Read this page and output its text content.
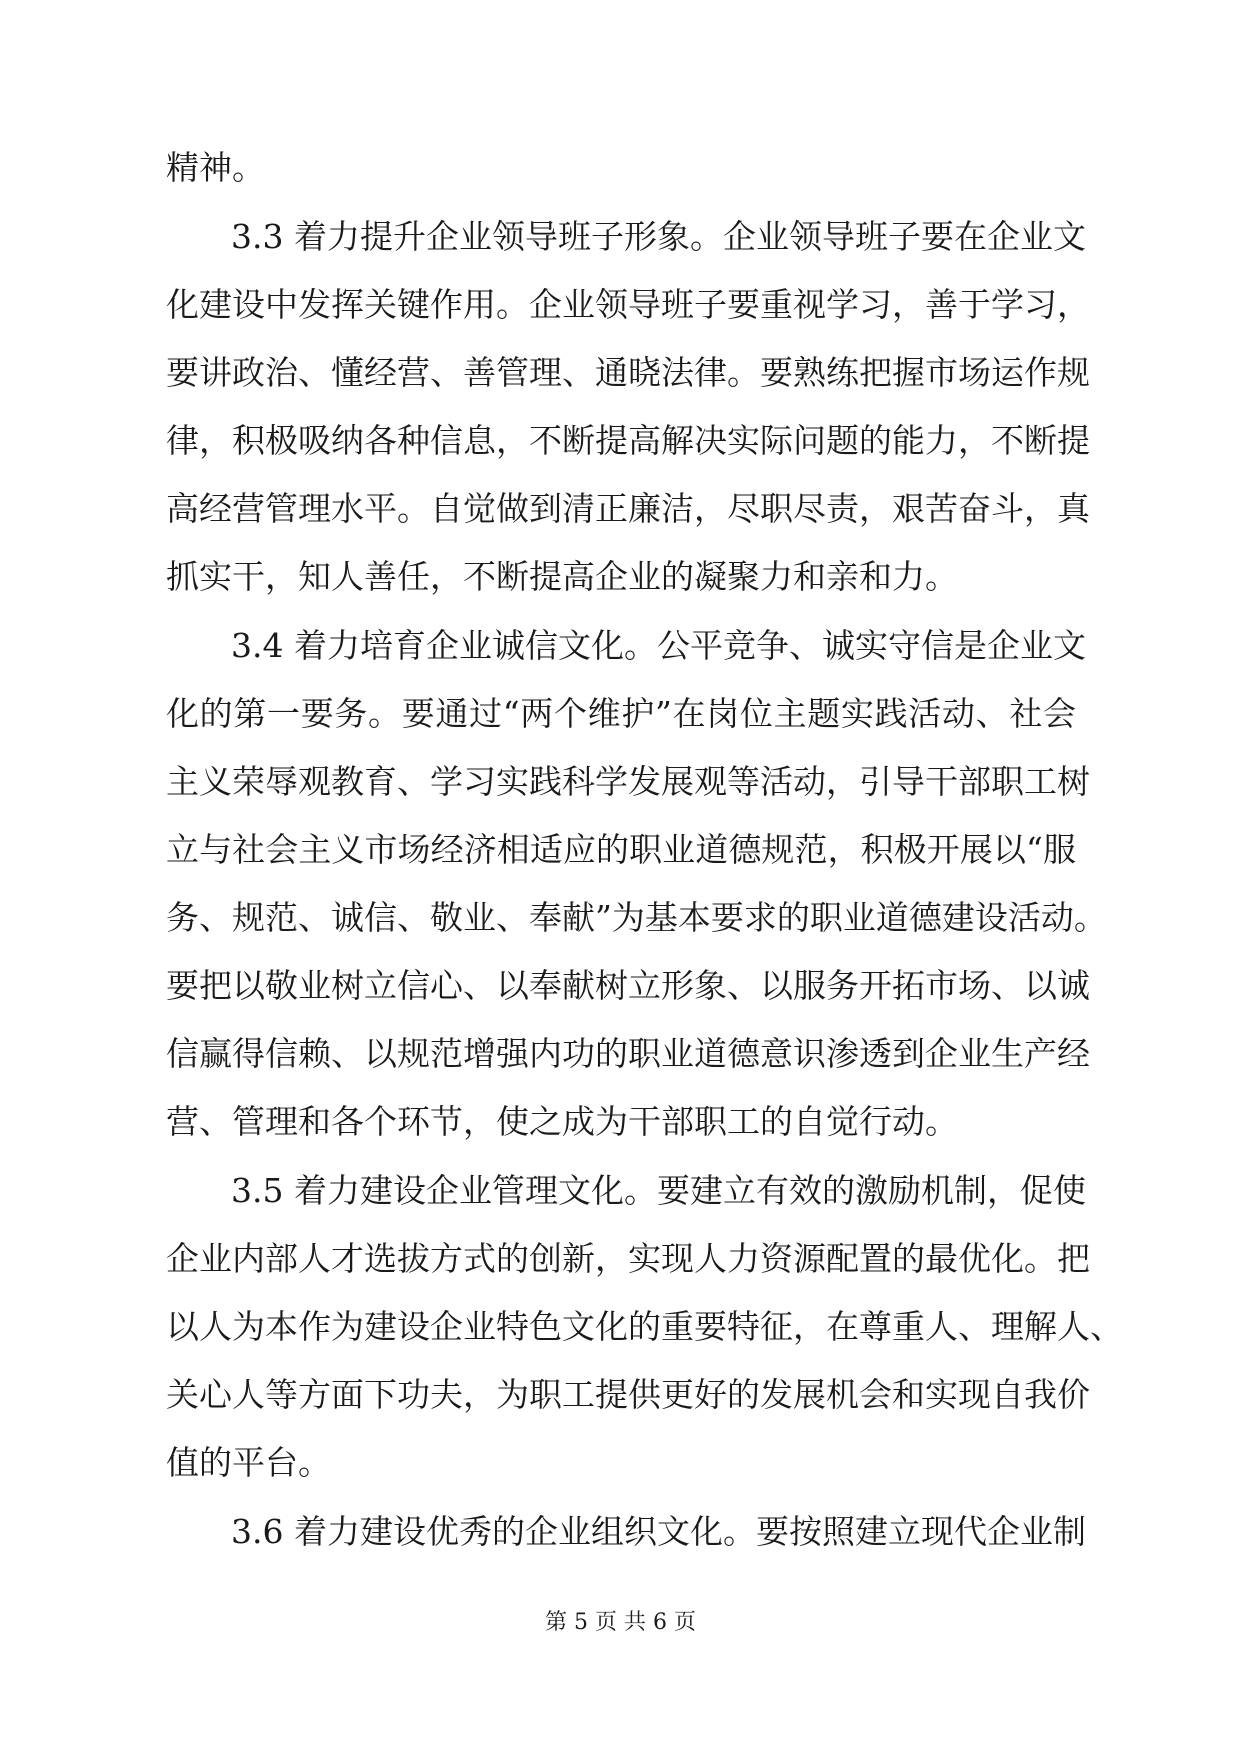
精神。
3.3 着力提升企业领导班子形象。企业领导班子要在企业文
化建设中发挥关键作用。企业领导班子要重视学习，善于学习，
要讲政治、懂经营、善管理、通晓法律。要熟练把握市场运作规
律，积极吸纳各种信息，不断提高解决实际问题的能力，不断提
高经营管理水平。自觉做到清正廉洁，尽职尽责，艰苦奋斗，真
抓实干，知人善任，不断提高企业的凝聚力和亲和力。
3.4 着力培育企业诚信文化。公平竞争、诚实守信是企业文
化的第一要务。要通过“两个维护”在岗位主题实践活动、社会
主义荣辱观教育、学习实践科学发展观等活动，引导干部职工树
立与社会主义市场经济相适应的职业道德规范，积极开展以“服
务、规范、诚信、敬业、奉献”为基本要求的职业道德建设活动。
要把以敬业树立信心、以奉献树立形象、以服务开拓市场、以诚
信赢得信赖、以规范增强内功的职业道德意识渗透到企业生产经
营、管理和各个环节，使之成为干部职工的自觉行动。
3.5 着力建设企业管理文化。要建立有效的激励机制，促使
企业内部人才选拔方式的创新，实现人力资源配置的最优化。把
以人为本作为建设企业特色文化的重要特征，在尊重人、理解人、
关心人等方面下功夫，为职工提供更好的发展机会和实现自我价
值的平台。
3.6 着力建设优秀的企业组织文化。要按照建立现代企业制
第 5 页 共 6 页
